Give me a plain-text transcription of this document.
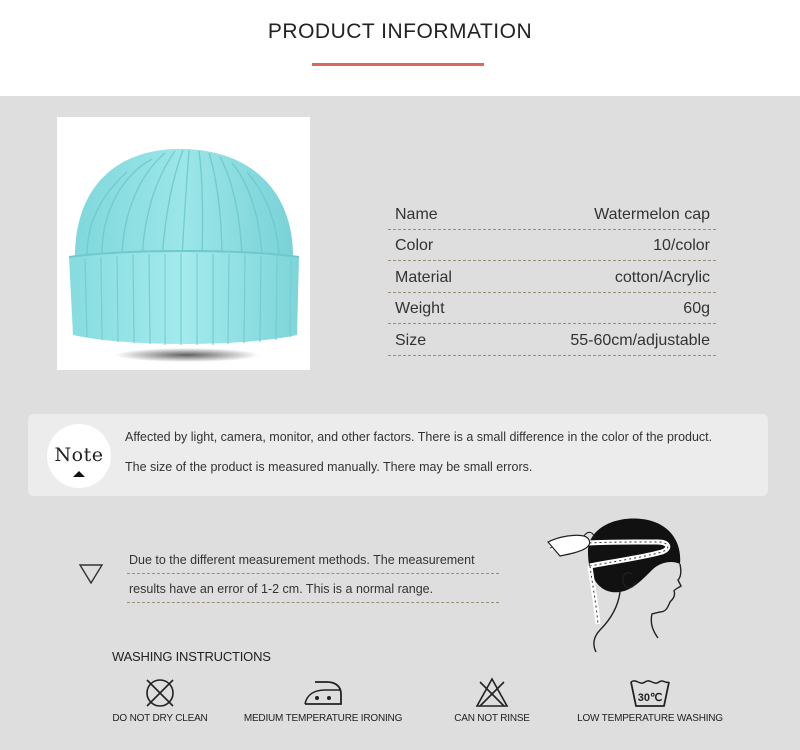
PRODUCT INFORMATION
Name	Watermelon cap
Color	10/color
Material	cotton/Acrylic
Weight	60g
Size	55-60cm/adjustable
Note
Affected by light, camera, monitor, and other factors. There is a small difference in the color of the product.
The size of the product is measured manually. There may be small errors.
Due to the different measurement methods. The measurement
results have an error of 1-2 cm. This is a normal range.
WASHING INSTRUCTIONS
DO NOT DRY CLEAN	MEDIUM TEMPERATURE IRONING	CAN NOT RINSE
30℃
LOW TEMPERATURE WASHING
